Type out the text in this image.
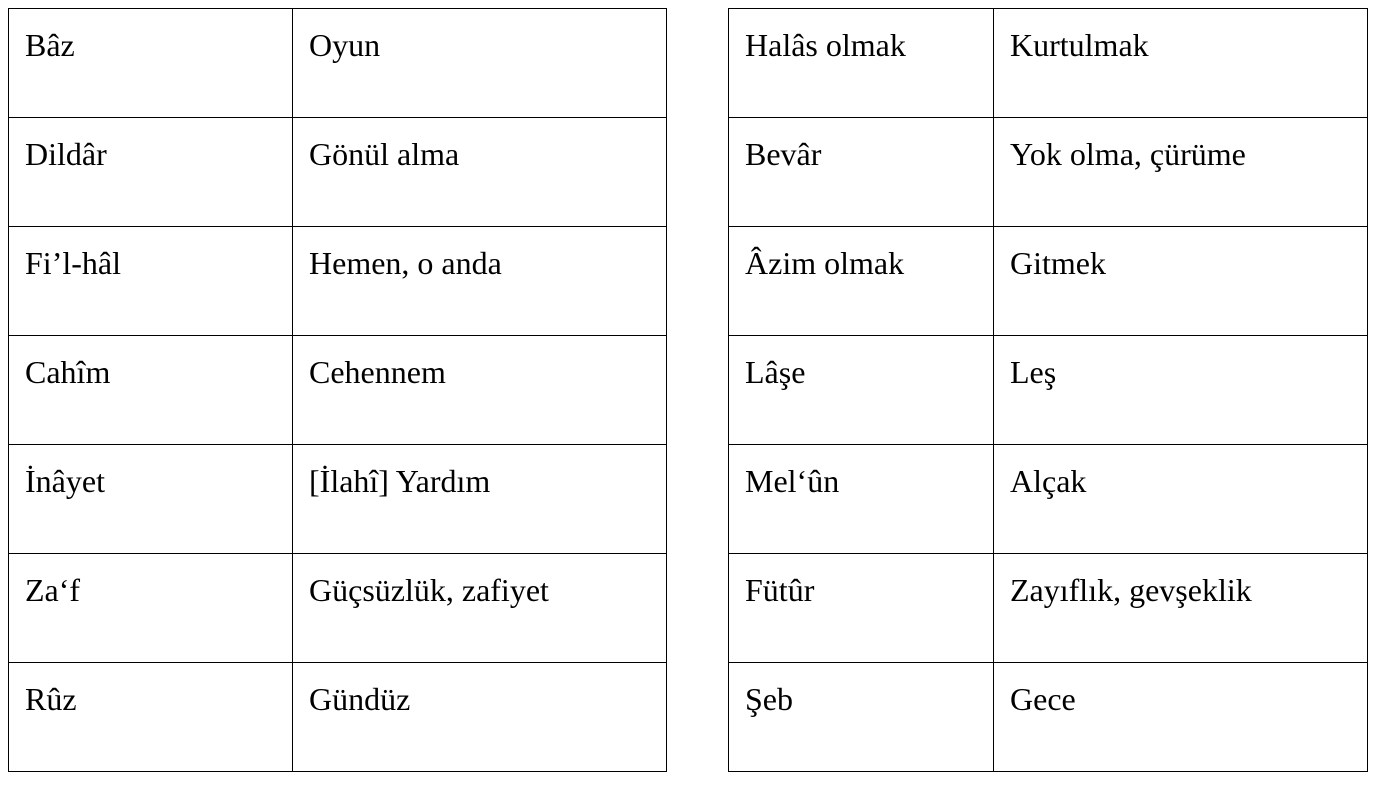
Bâz	Oyun
Dildâr	Gönül alma
Fi’l-hâl	Hemen, o anda
Cahîm	Cehennem
İnâyet	[İlahî] Yardım
Za‘f	Güçsüzlük, zafiyet
Rûz	Gündüz
Halâs olmak	Kurtulmak
Bevâr	Yok olma, çürüme
Âzim olmak	Gitmek
Lâşe	Leş
Mel‘ûn	Alçak
Fütûr	Zayıflık, gevşeklik
Şeb	Gece
